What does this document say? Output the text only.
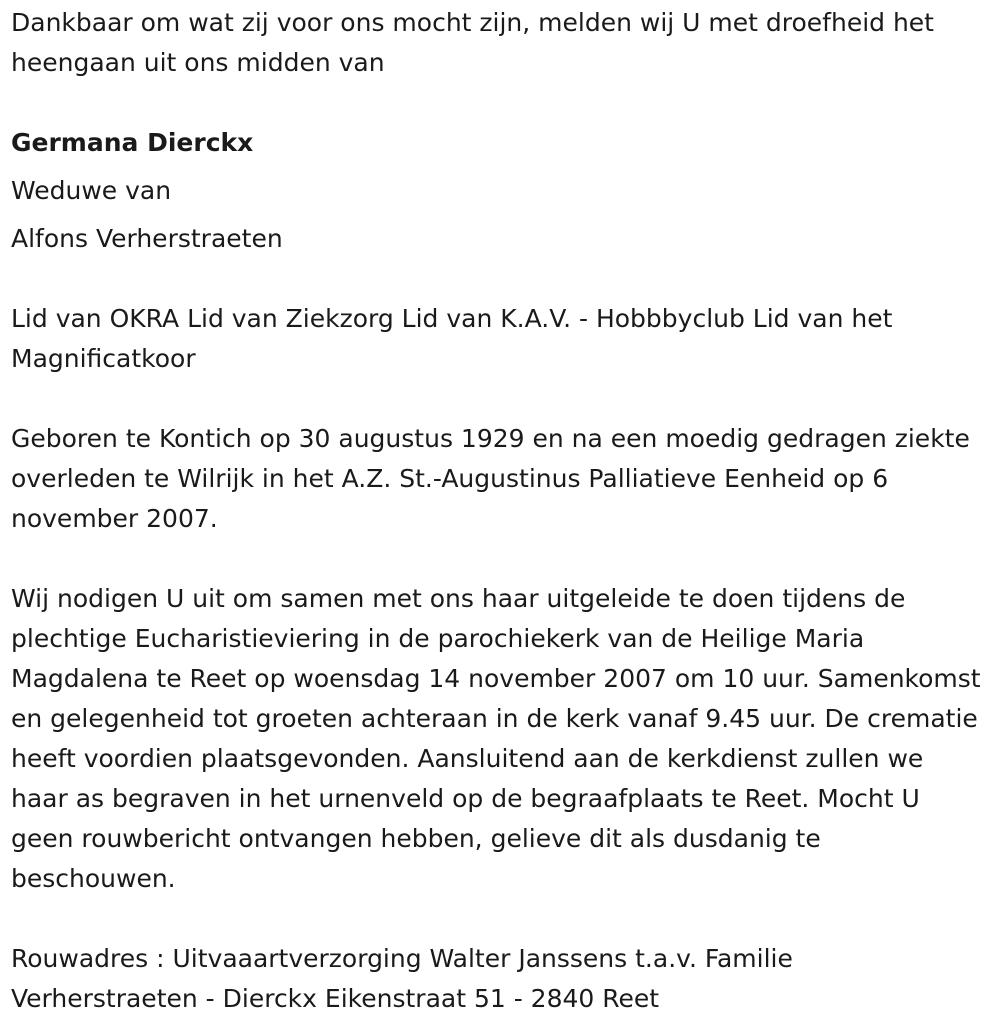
Dankbaar om wat zij voor ons mocht zijn, melden wij U met droefheid het heengaan uit ons midden van

Germana Dierckx
Weduwe van
Alfons Verherstraeten

Lid van OKRA Lid van Ziekzorg Lid van K.A.V. - Hobbbyclub Lid van het Magnificatkoor

Geboren te Kontich op 30 augustus 1929 en na een moedig gedragen ziekte overleden te Wilrijk in het A.Z. St.-Augustinus Palliatieve Eenheid op 6 november 2007.

Wij nodigen U uit om samen met ons haar uitgeleide te doen tijdens de plechtige Eucharistieviering in de parochiekerk van de Heilige Maria Magdalena te Reet op woensdag 14 november 2007 om 10 uur. Samenkomst en gelegenheid tot groeten achteraan in de kerk vanaf 9.45 uur. De crematie heeft voordien plaatsgevonden. Aansluitend aan de kerkdienst zullen we haar as begraven in het urnenveld op de begraafplaats te Reet. Mocht U geen rouwbericht ontvangen hebben, gelieve dit als dusdanig te beschouwen.

Rouwadres : Uitvaaartverzorging Walter Janssens t.a.v. Familie Verherstraeten - Dierckx Eikenstraat 51 - 2840 Reet
